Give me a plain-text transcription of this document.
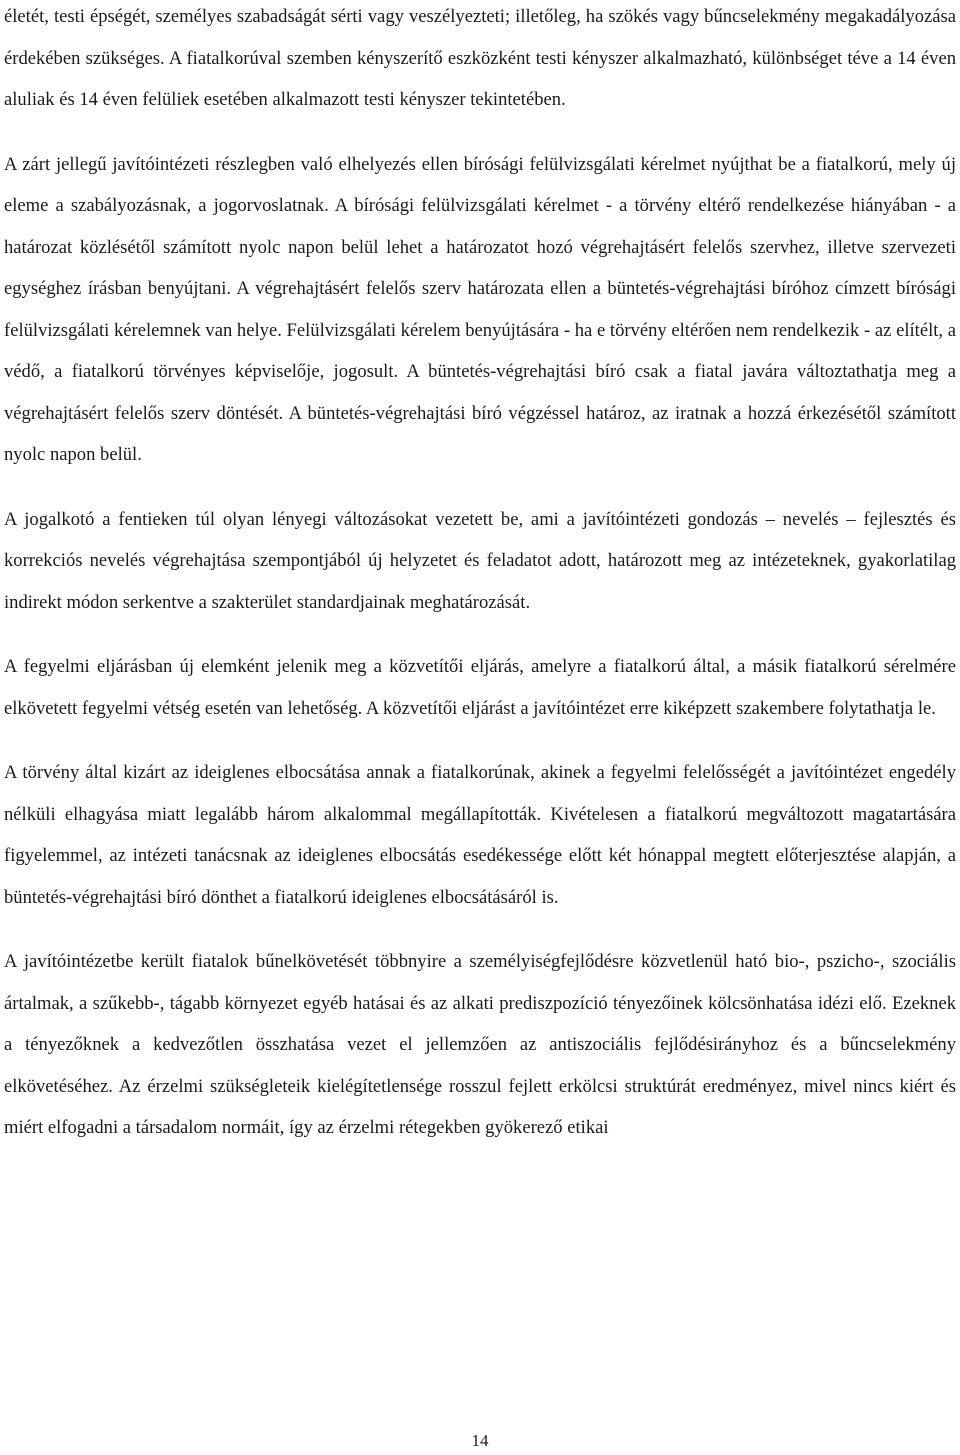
életét, testi épségét, személyes szabadságát sérti vagy veszélyezteti; illetőleg, ha szökés vagy bűncselekmény megakadályozása érdekében szükséges. A fiatalkorúval szemben kényszerítő eszközként testi kényszer alkalmazható, különbséget téve a 14 éven aluliak és 14 éven felüliek esetében alkalmazott testi kényszer tekintetében.

A zárt jellegű javítóintézeti részlegben való elhelyezés ellen bírósági felülvizsgálati kérelmet nyújthat be a fiatalkorú, mely új eleme a szabályozásnak, a jogorvoslatnak. A bírósági felülvizsgálati kérelmet - a törvény eltérő rendelkezése hiányában - a határozat közlésétől számított nyolc napon belül lehet a határozatot hozó végrehajtásért felelős szervhez, illetve szervezeti egységhez írásban benyújtani. A végrehajtásért felelős szerv határozata ellen a büntetés-végrehajtási bíróhoz címzett bírósági felülvizsgálati kérelemnek van helye. Felülvizsgálati kérelem benyújtására - ha e törvény eltérően nem rendelkezik - az elítélt, a védő, a fiatalkorú törvényes képviselője, jogosult. A büntetés-végrehajtási bíró csak a fiatal javára változtathatja meg a végrehajtásért felelős szerv döntését. A büntetés-végrehajtási bíró végzéssel határoz, az iratnak a hozzá érkezésétől számított nyolc napon belül.

A jogalkotó a fentieken túl olyan lényegi változásokat vezetett be, ami a javítóintézeti gondozás – nevelés – fejlesztés és korrekciós nevelés végrehajtása szempontjából új helyzetet és feladatot adott, határozott meg az intézeteknek, gyakorlatilag indirekt módon serkentve a szakterület standardjainak meghatározását.

A fegyelmi eljárásban új elemként jelenik meg a közvetítői eljárás, amelyre a fiatalkorú által, a másik fiatalkorú sérelmére elkövetett fegyelmi vétség esetén van lehetőség. A közvetítői eljárást a javítóintézet erre kiképzett szakembere folytathatja le.

A törvény által kizárt az ideiglenes elbocsátása annak a fiatalkorúnak, akinek a fegyelmi felelősségét a javítóintézet engedély nélküli elhagyása miatt legalább három alkalommal megállapították. Kivételesen a fiatalkorú megváltozott magatartására figyelemmel, az intézeti tanácsnak az ideiglenes elbocsátás esedékessége előtt két hónappal megtett előterjesztése alapján, a büntetés-végrehajtási bíró dönthet a fiatalkorú ideiglenes elbocsátásáról is.

A javítóintézetbe került fiatalok bűnelkövetését többnyire a személyiségfejlődésre közvetlenül ható bio-, pszicho-, szociális ártalmak, a szűkebb-, tágabb környezet egyéb hatásai és az alkati prediszpozíció tényezőinek kölcsönhatása idézi elő. Ezeknek a tényezőknek a kedvezőtlen összhatása vezet el jellemzően az antiszociális fejlődésirányhoz és a bűncselekmény elkövetéséhez. Az érzelmi szükségleteik kielégítetlensége rosszul fejlett erkölcsi struktúrát eredményez, mivel nincs kiért és miért elfogadni a társadalom normáit, így az érzelmi rétegekben gyökerező etikai

14
